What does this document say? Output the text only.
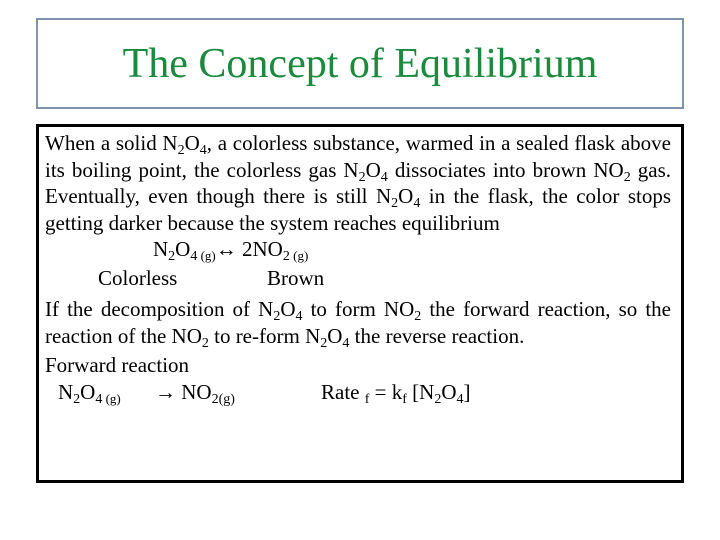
The Concept of Equilibrium
When a solid $N_2O_4$, a colorless substance, warmed in a sealed flask above its boiling point, the colorless gas $N_2O_4$ dissociates into brown $NO_2$ gas. Eventually, even though there is still $N_2O_4$ in the flask, the color stops getting darker because the system reaches equilibrium
$N_2O_4$ $_{(g)}$↔ $2NO_2$ $_{(g)}$
Colorless	Brown
If the decomposition of $N_2O_4$ to form $NO_2$ the forward reaction, so the reaction of the $NO_2$ to re-form $N_2O_4$ the reverse reaction.
Forward reaction
$N_2O_4$ $_{(g)} \to NO_{2(g)}$	Rate $_f = k_f$ $[N_2O_4]$
